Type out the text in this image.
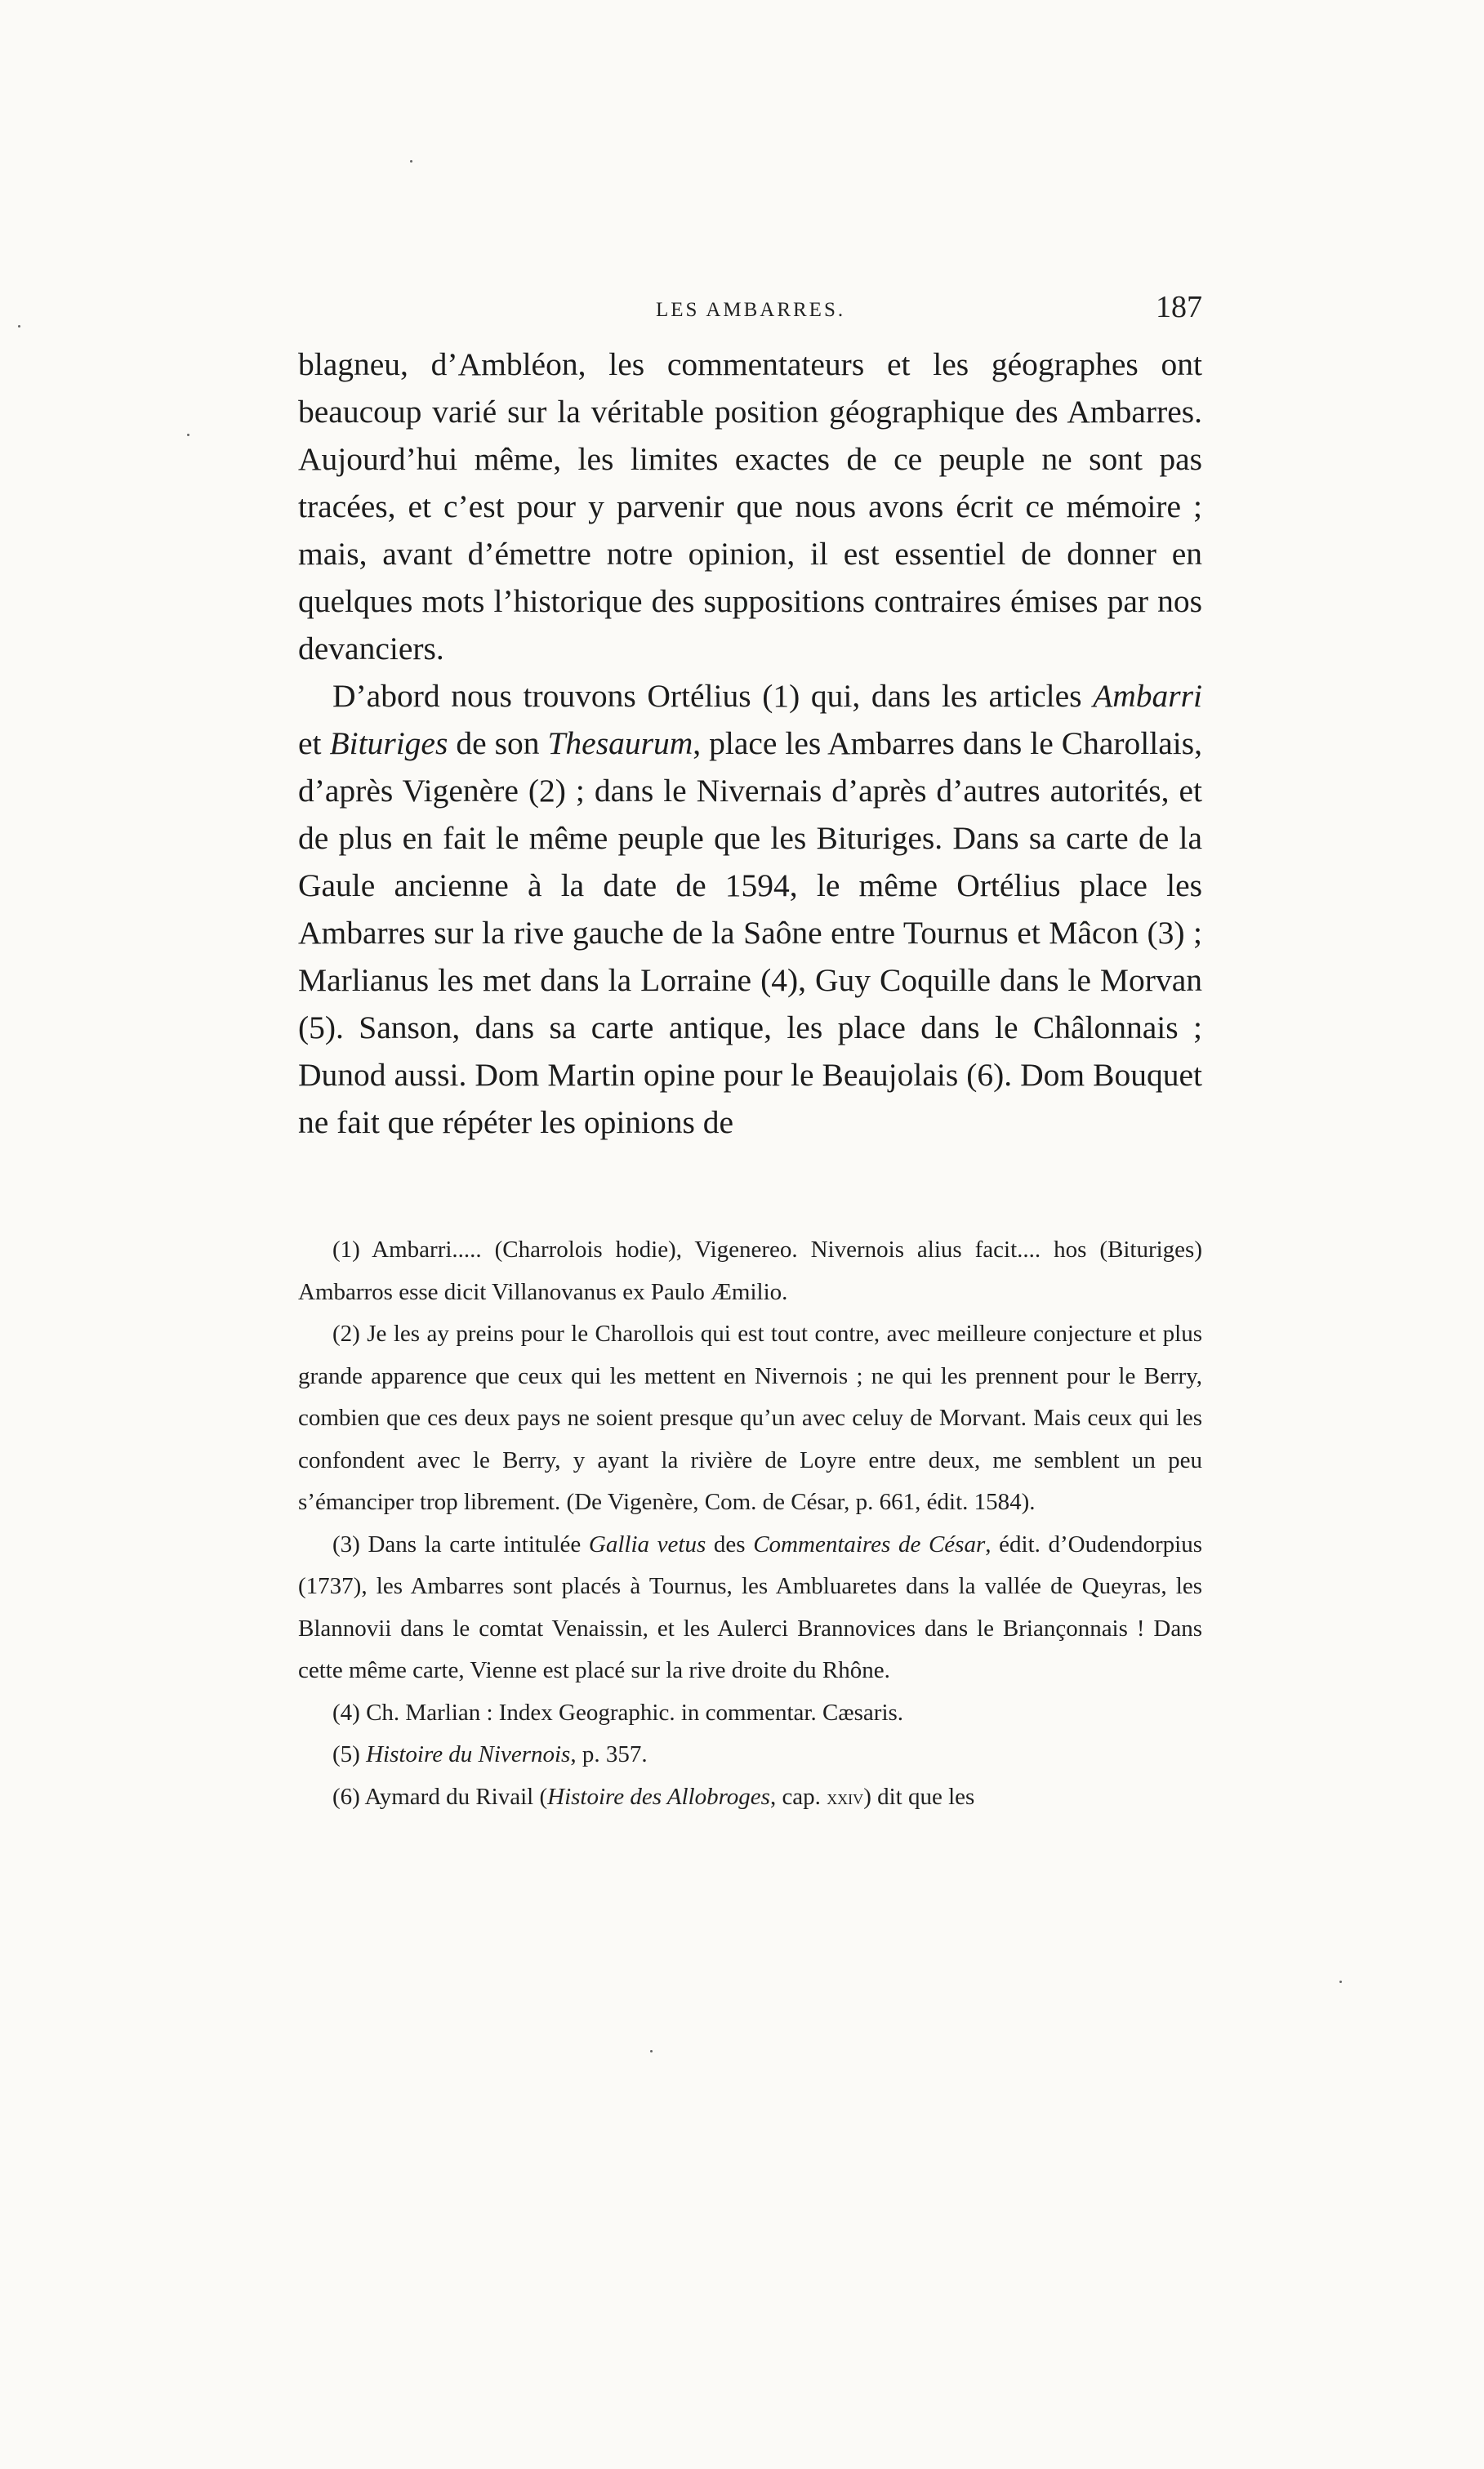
LES AMBARRES.	187

blagneu, d’Ambléon, les commentateurs et les géographes ont beaucoup varié sur la véritable position géographique des Ambarres. Aujourd’hui même, les limites exactes de ce peuple ne sont pas tracées, et c’est pour y parvenir que nous avons écrit ce mémoire ; mais, avant d’émettre notre opinion, il est essentiel de donner en quelques mots l’historique des suppositions contraires émises par nos devanciers.

D’abord nous trouvons Ortélius (1) qui, dans les articles Ambarri et Bituriges de son Thesaurum, place les Ambarres dans le Charollais, d’après Vigenère (2) ; dans le Nivernais d’après d’autres autorités, et de plus en fait le même peuple que les Bituriges. Dans sa carte de la Gaule ancienne à la date de 1594, le même Ortélius place les Ambarres sur la rive gauche de la Saône entre Tournus et Mâcon (3) ; Marlianus les met dans la Lorraine (4), Guy Coquille dans le Morvan (5). Sanson, dans sa carte antique, les place dans le Châlonnais ; Dunod aussi. Dom Martin opine pour le Beaujolais (6). Dom Bouquet ne fait que répéter les opinions de

(1) Ambarri..... (Charrolois hodie), Vigenereo. Nivernois alius facit.... hos (Bituriges) Ambarros esse dicit Villanovanus ex Paulo Æmilio.

(2) Je les ay preins pour le Charollois qui est tout contre, avec meilleure conjecture et plus grande apparence que ceux qui les mettent en Nivernois ; ne qui les prennent pour le Berry, combien que ces deux pays ne soient presque qu’un avec celuy de Morvant. Mais ceux qui les confondent avec le Berry, y ayant la rivière de Loyre entre deux, me semblent un peu s’émanciper trop librement. (De Vigenère, Com. de César, p. 661, édit. 1584).

(3) Dans la carte intitulée Gallia vetus des Commentaires de César, édit. d’Oudendorpius (1737), les Ambarres sont placés à Tournus, les Ambluaretes dans la vallée de Queyras, les Blannovii dans le comtat Venaissin, et les Aulerci Brannovices dans le Briançonnais ! Dans cette même carte, Vienne est placé sur la rive droite du Rhône.

(4) Ch. Marlian : Index Geographic. in commentar. Cæsaris.

(5) Histoire du Nivernois, p. 357.

(6) Aymard du Rivail (Histoire des Allobroges, cap. xxiv) dit que les
